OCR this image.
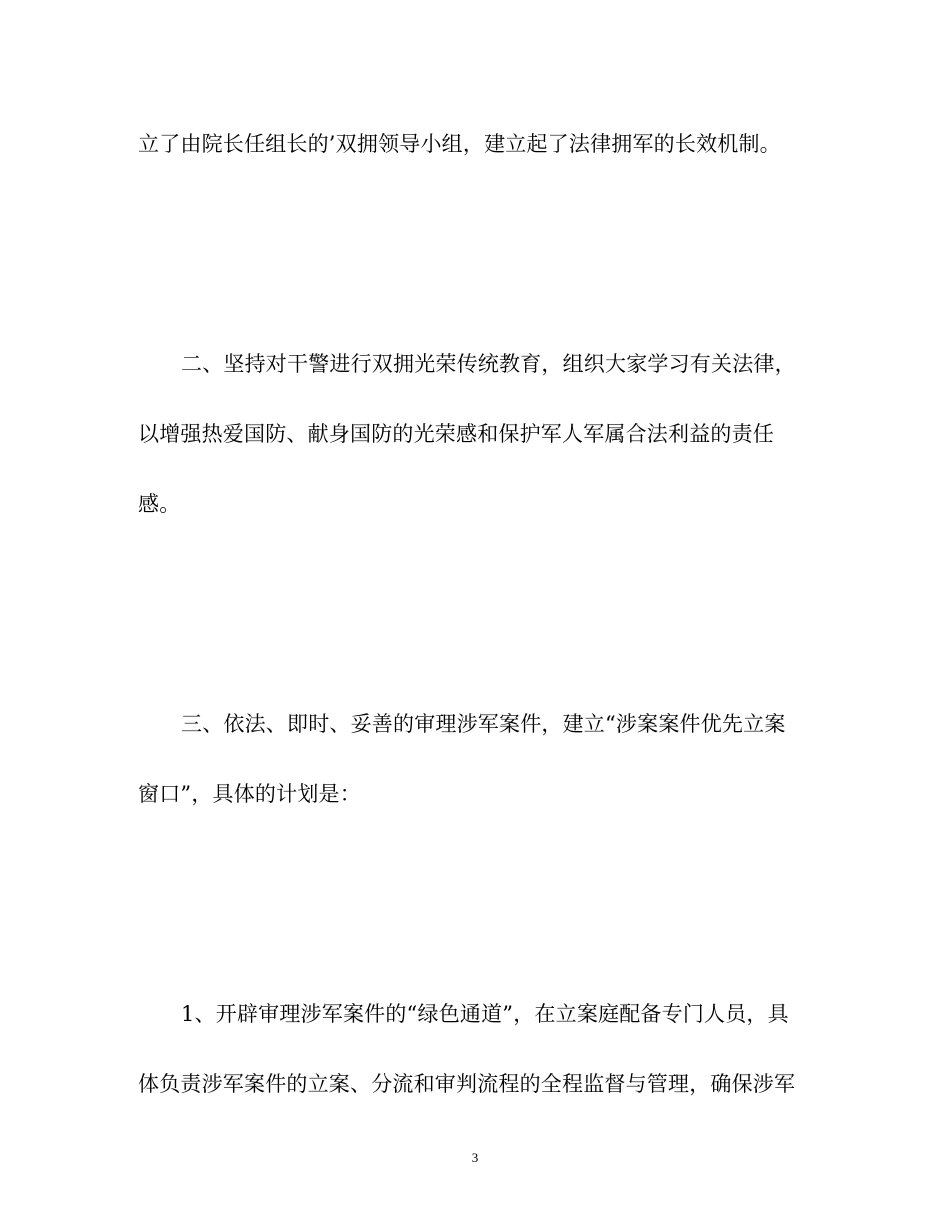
立了由院长任组长的’双拥领导小组，建立起了法律拥军的长效机制。
二、坚持对干警进行双拥光荣传统教育，组织大家学习有关法律，
以增强热爱国防、献身国防的光荣感和保护军人军属合法利益的责任
感。
三、依法、即时、妥善的审理涉军案件，建立“涉案案件优先立案
窗口”，具体的计划是：
1、开辟审理涉军案件的“绿色通道”，在立案庭配备专门人员，具
体负责涉军案件的立案、分流和审判流程的全程监督与管理，确保涉军
3
